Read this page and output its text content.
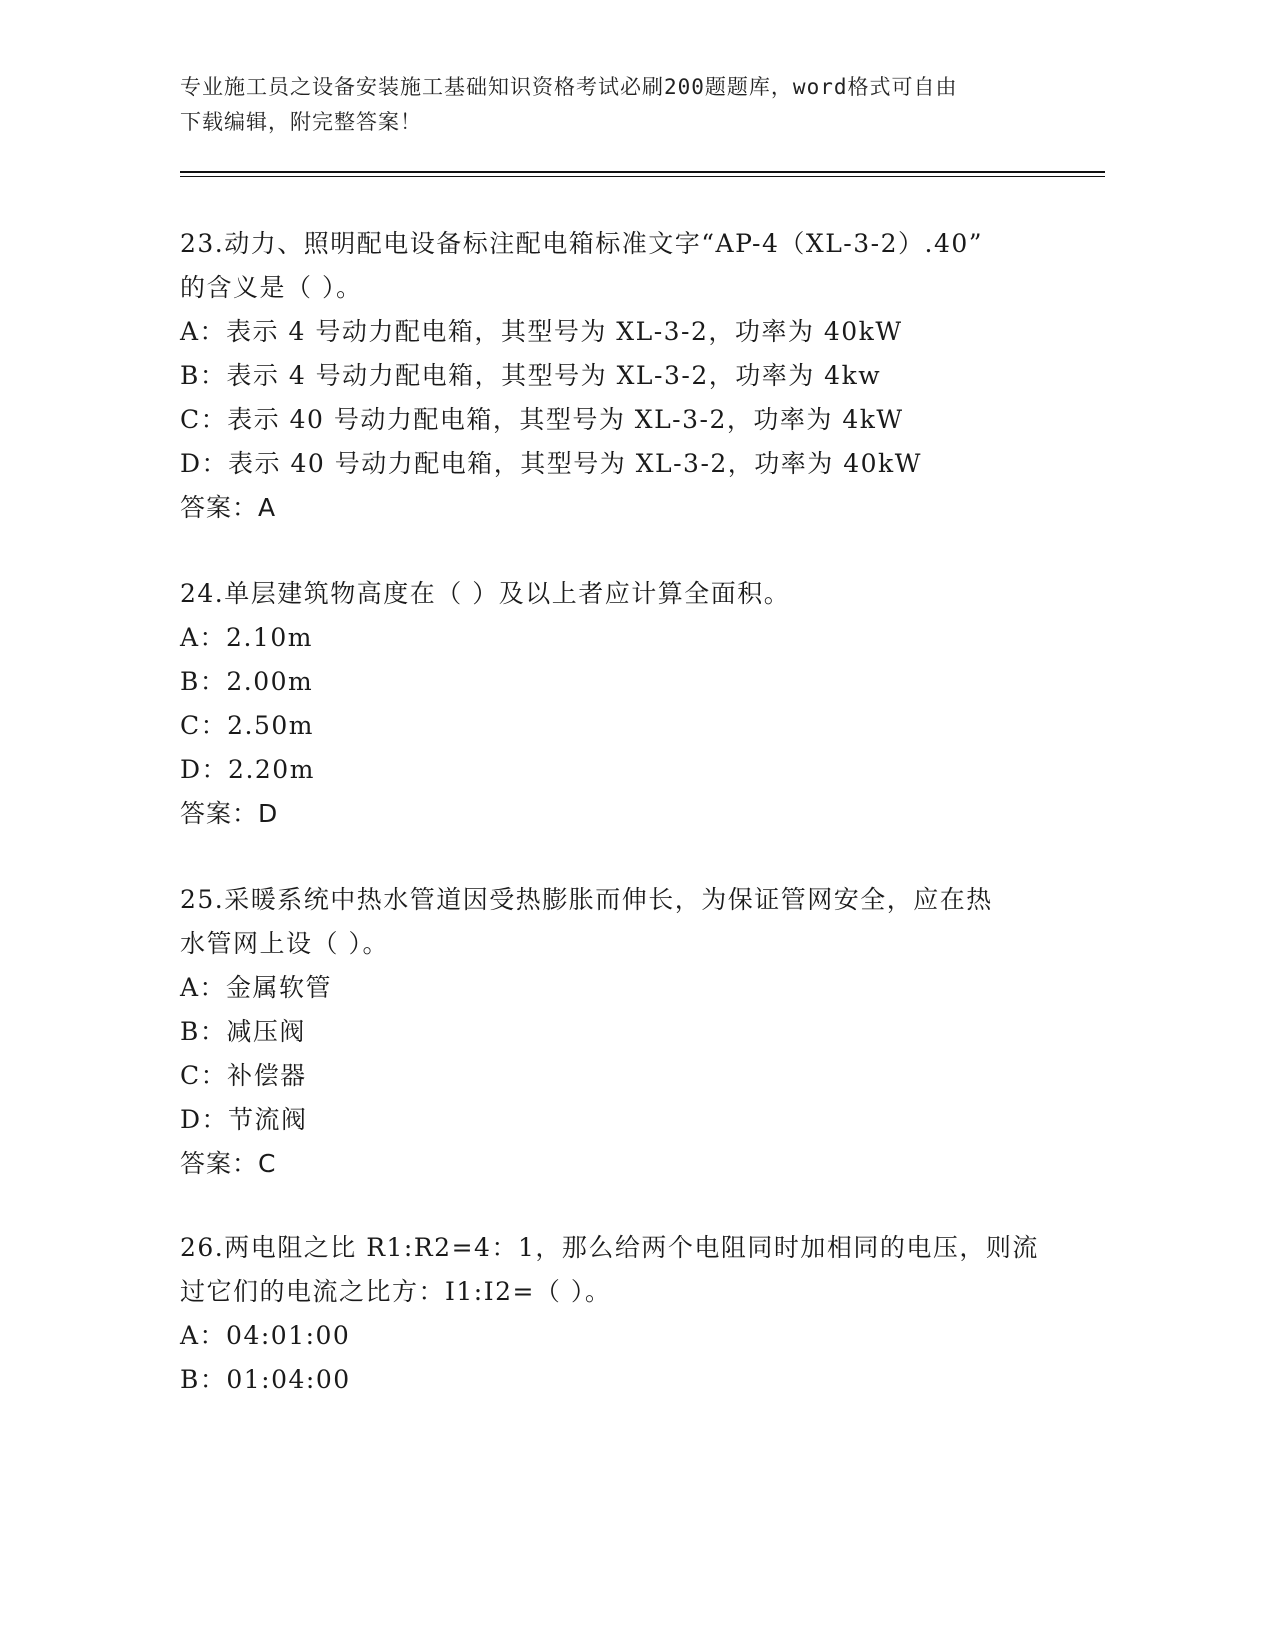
专业施工员之设备安装施工基础知识资格考试必刷200题题库，word格式可自由
下载编辑，附完整答案！

23.动力、照明配电设备标注配电箱标准文字“AP-4（XL-3-2）.40”

的含义是（ ）。

A：表示 4 号动力配电箱，其型号为 XL-3-2，功率为 40kW

B：表示 4 号动力配电箱，其型号为 XL-3-2，功率为 4kw

C：表示 40 号动力配电箱，其型号为 XL-3-2，功率为 4kW

D：表示 40 号动力配电箱，其型号为 XL-3-2，功率为 40kW

答案：A

24.单层建筑物高度在（ ）及以上者应计算全面积。

A：2.10m

B：2.00m

C：2.50m

D：2.20m

答案：D

25.采暖系统中热水管道因受热膨胀而伸长，为保证管网安全，应在热

水管网上设（ ）。

A：金属软管

B：减压阀

C：补偿器

D：节流阀

答案：C

26.两电阻之比 R1:R2=4：1，那么给两个电阻同时加相同的电压，则流

过它们的电流之比方：I1:I2=（ ）。

A：04:01:00

B：01:04:00
